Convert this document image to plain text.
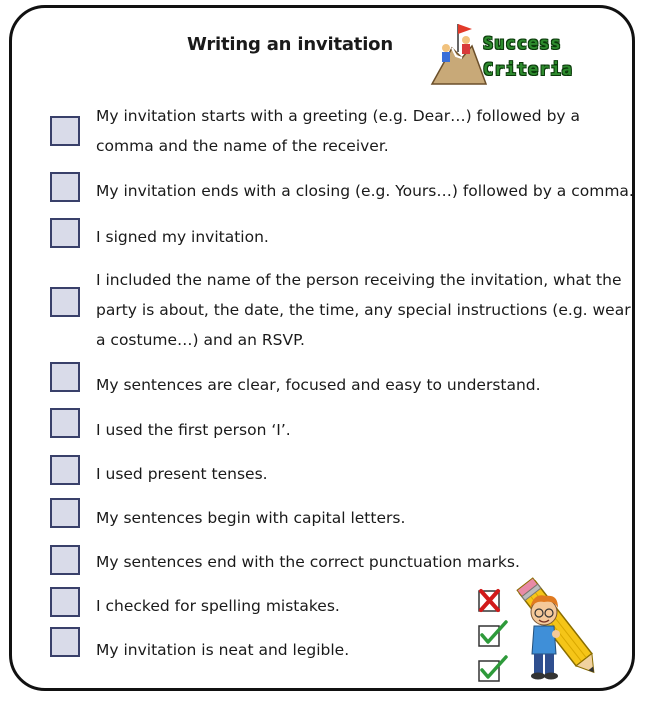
Writing an invitation	Success
Criteria
My invitation starts with a greeting (e.g. Dear…) followed by a comma and the name of the receiver.
My invitation ends with a closing (e.g. Yours…) followed by a comma.
I signed my invitation.
I included the name of the person receiving the invitation, what the party is about, the date, the time, any special instructions (e.g. wear a costume…) and an RSVP.
My sentences are clear, focused and easy to understand.
I used the first person ‘I’.
I used present tenses.
My sentences begin with capital letters.
My sentences end with the correct punctuation marks.
I checked for spelling mistakes.
My invitation is neat and legible.
